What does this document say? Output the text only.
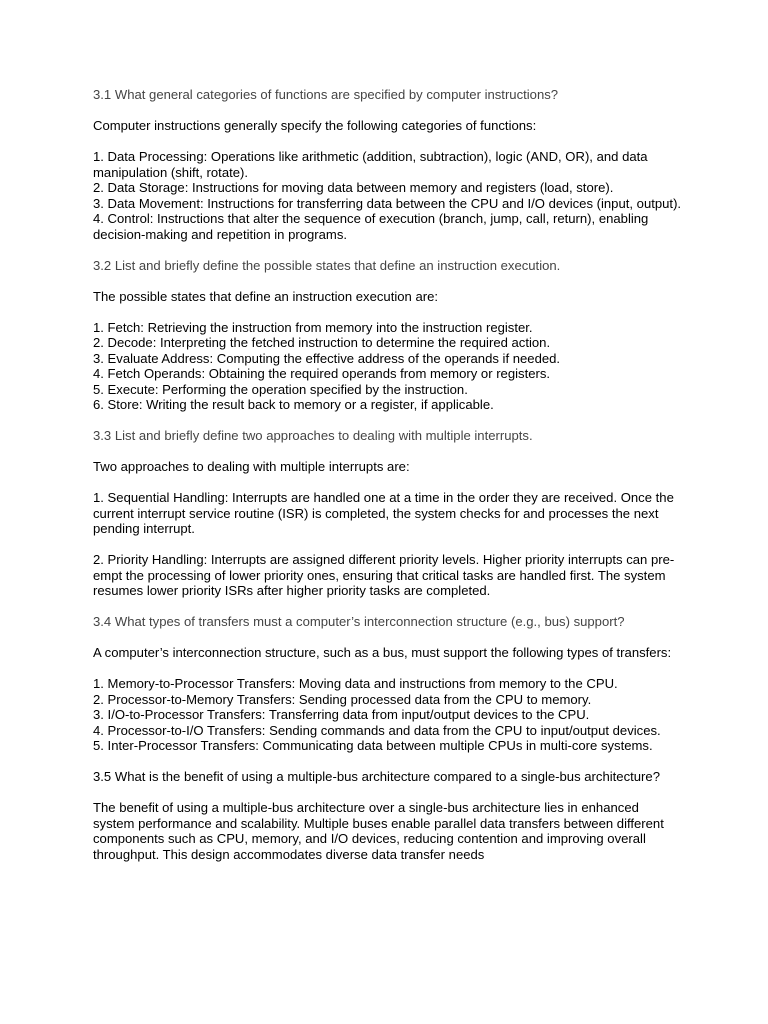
3.1 What general categories of functions are specified by computer instructions?

Computer instructions generally specify the following categories of functions:

1. Data Processing: Operations like arithmetic (addition, subtraction), logic (AND, OR), and data manipulation (shift, rotate).

2. Data Storage: Instructions for moving data between memory and registers (load, store).

3. Data Movement: Instructions for transferring data between the CPU and I/O devices (input, output).

4. Control: Instructions that alter the sequence of execution (branch, jump, call, return), enabling decision-making and repetition in programs.

3.2 List and briefly define the possible states that define an instruction execution.

The possible states that define an instruction execution are:

1. Fetch: Retrieving the instruction from memory into the instruction register.

2. Decode: Interpreting the fetched instruction to determine the required action.

3. Evaluate Address: Computing the effective address of the operands if needed.

4. Fetch Operands: Obtaining the required operands from memory or registers.

5. Execute: Performing the operation specified by the instruction.

6. Store: Writing the result back to memory or a register, if applicable.

3.3 List and briefly define two approaches to dealing with multiple interrupts.

Two approaches to dealing with multiple interrupts are:

1. Sequential Handling: Interrupts are handled one at a time in the order they are received. Once the current interrupt service routine (ISR) is completed, the system checks for and processes the next pending interrupt.

2. Priority Handling: Interrupts are assigned different priority levels. Higher priority interrupts can pre-empt the processing of lower priority ones, ensuring that critical tasks are handled first. The system resumes lower priority ISRs after higher priority tasks are completed.

3.4 What types of transfers must a computer’s interconnection structure (e.g., bus) support?

A computer’s interconnection structure, such as a bus, must support the following types of transfers:

1. Memory-to-Processor Transfers: Moving data and instructions from memory to the CPU.

2. Processor-to-Memory Transfers: Sending processed data from the CPU to memory.

3. I/O-to-Processor Transfers: Transferring data from input/output devices to the CPU.

4. Processor-to-I/O Transfers: Sending commands and data from the CPU to input/output devices.

5. Inter-Processor Transfers: Communicating data between multiple CPUs in multi-core systems.

3.5 What is the benefit of using a multiple-bus architecture compared to a single-bus architecture?

The benefit of using a multiple-bus architecture over a single-bus architecture lies in enhanced system performance and scalability. Multiple buses enable parallel data transfers between different components such as CPU, memory, and I/O devices, reducing contention and improving overall throughput. This design accommodates diverse data transfer needs
